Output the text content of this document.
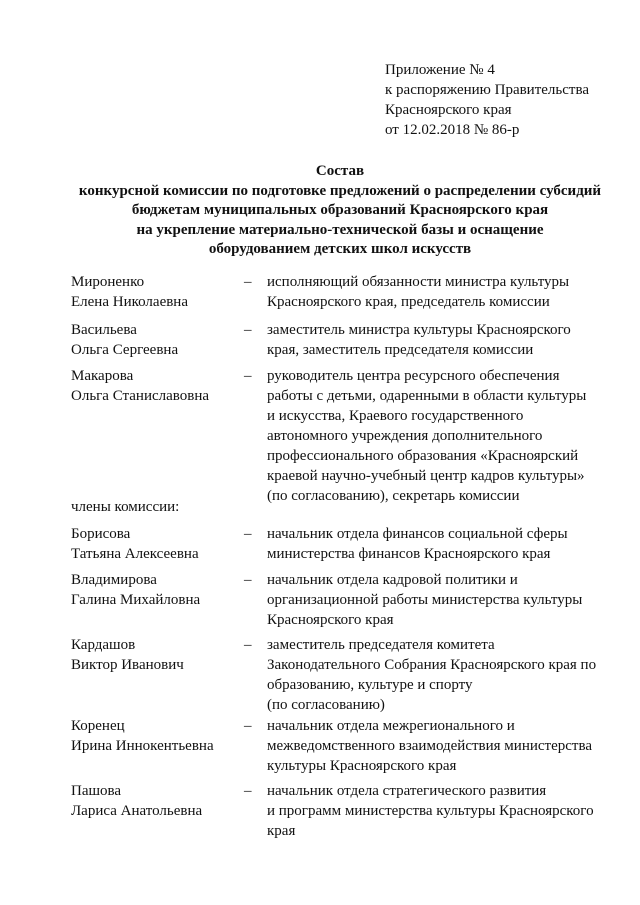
Приложение № 4
к распоряжению Правительства
Красноярского края
от 12.02.2018 № 86-р
Состав
конкурсной комиссии по подготовке предложений о распределении субсидий
бюджетам муниципальных образований Красноярского края
на укрепление материально-технической базы и оснащение
оборудованием детских школ искусств
Мироненко
Елена Николаевна
– исполняющий обязанности министра культуры
Красноярского края, председатель комиссии
Васильева
Ольга Сергеевна
– заместитель министра культуры Красноярского
края, заместитель председателя комиссии
Макарова
Ольга Станиславовна
– руководитель центра ресурсного обеспечения
работы с детьми, одаренными в области культуры
и искусства, Краевого государственного
автономного учреждения дополнительного
профессионального образования «Красноярский
краевой научно-учебный центр кадров культуры»
(по согласованию), секретарь комиссии
члены комиссии:
Борисова
Татьяна Алексеевна
– начальник отдела финансов социальной сферы
министерства финансов Красноярского края
Владимирова
Галина Михайловна
– начальник отдела кадровой политики и
организационной работы министерства культуры
Красноярского края
Кардашов
Виктор Иванович
– заместитель председателя комитета
Законодательного Собрания Красноярского края по
образованию, культуре и спорту
(по согласованию)
Коренец
Ирина Иннокентьевна
– начальник отдела межрегионального и
межведомственного взаимодействия министерства
культуры Красноярского края
Пашова
Лариса Анатольевна
– начальник отдела стратегического развития
и программ министерства культуры Красноярского
края
